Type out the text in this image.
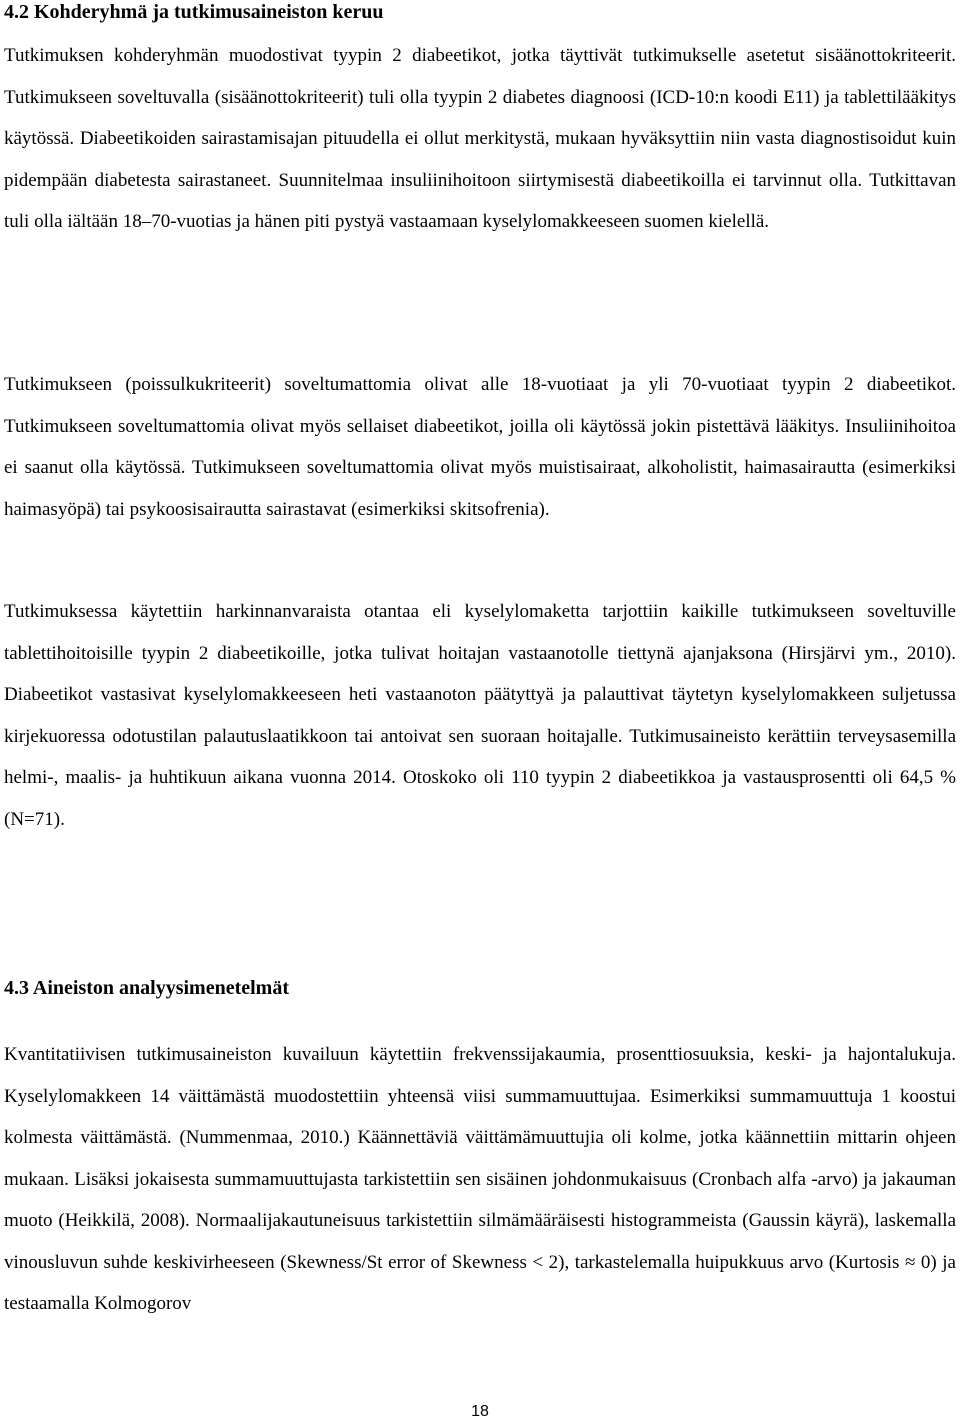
4.2 Kohderyhmä ja tutkimusaineiston keruu

Tutkimuksen kohderyhmän muodostivat tyypin 2 diabeetikot, jotka täyttivät tutkimukselle asetetut sisäänottokriteerit. Tutkimukseen soveltuvalla (sisäänottokriteerit) tuli olla tyypin 2 diabetes diagnoosi (ICD-10:n koodi E11) ja tablettilääkitys käytössä. Diabeetikoiden sairastamisajan pituudella ei ollut merkitystä, mukaan hyväksyttiin niin vasta diagnostisoidut kuin pidempään diabetesta sairastaneet. Suunnitelmaa insuliinihoitoon siirtymisestä diabeetikoilla ei tarvinnut olla. Tutkittavan tuli olla iältään 18–70-vuotias ja hänen piti pystyä vastaamaan kyselylomakkeeseen suomen kielellä.

Tutkimukseen (poissulkukriteerit) soveltumattomia olivat alle 18-vuotiaat ja yli 70-vuotiaat tyypin 2 diabeetikot. Tutkimukseen soveltumattomia olivat myös sellaiset diabeetikot, joilla oli käytössä jokin pistettävä lääkitys. Insuliinihoitoa ei saanut olla käytössä. Tutkimukseen soveltumattomia olivat myös muistisairaat, alkoholistit, haimasairautta (esimerkiksi haimasyöpä) tai psykoosisairautta sairastavat (esimerkiksi skitsofrenia).

Tutkimuksessa käytettiin harkinnanvaraista otantaa eli kyselylomaketta tarjottiin kaikille tutkimukseen soveltuville tablettihoitoisille tyypin 2 diabeetikoille, jotka tulivat hoitajan vastaanotolle tiettynä ajanjaksona (Hirsjärvi ym., 2010). Diabeetikot vastasivat kyselylomakkeeseen heti vastaanoton päätyttyä ja palauttivat täytetyn kyselylomakkeen suljetussa kirjekuoressa odotustilan palautuslaatikkoon tai antoivat sen suoraan hoitajalle. Tutkimusaineisto kerättiin terveysasemilla helmi-, maalis- ja huhtikuun aikana vuonna 2014. Otoskoko oli 110 tyypin 2 diabeetikkoa ja vastausprosentti oli 64,5 % (N=71).

4.3 Aineiston analyysimenetelmät

Kvantitatiivisen tutkimusaineiston kuvailuun käytettiin frekvenssijakaumia, prosenttiosuuksia, keski- ja hajontalukuja. Kyselylomakkeen 14 väittämästä muodostettiin yhteensä viisi summamuuttujaa. Esimerkiksi summamuuttuja 1 koostui kolmesta väittämästä. (Nummenmaa, 2010.) Käännettäviä väittämämuuttujia oli kolme, jotka käännettiin mittarin ohjeen mukaan. Lisäksi jokaisesta summamuuttujasta tarkistettiin sen sisäinen johdonmukaisuus (Cronbach alfa -arvo) ja jakauman muoto (Heikkilä, 2008). Normaalijakautuneisuus tarkistettiin silmämääräisesti histogrammeista (Gaussin käyrä), laskemalla vinousluvun suhde keskivirheeseen (Skewness/St error of Skewness < 2), tarkastelemalla huipukkuus arvo (Kurtosis ≈ 0) ja testaamalla Kolmogorov

18
